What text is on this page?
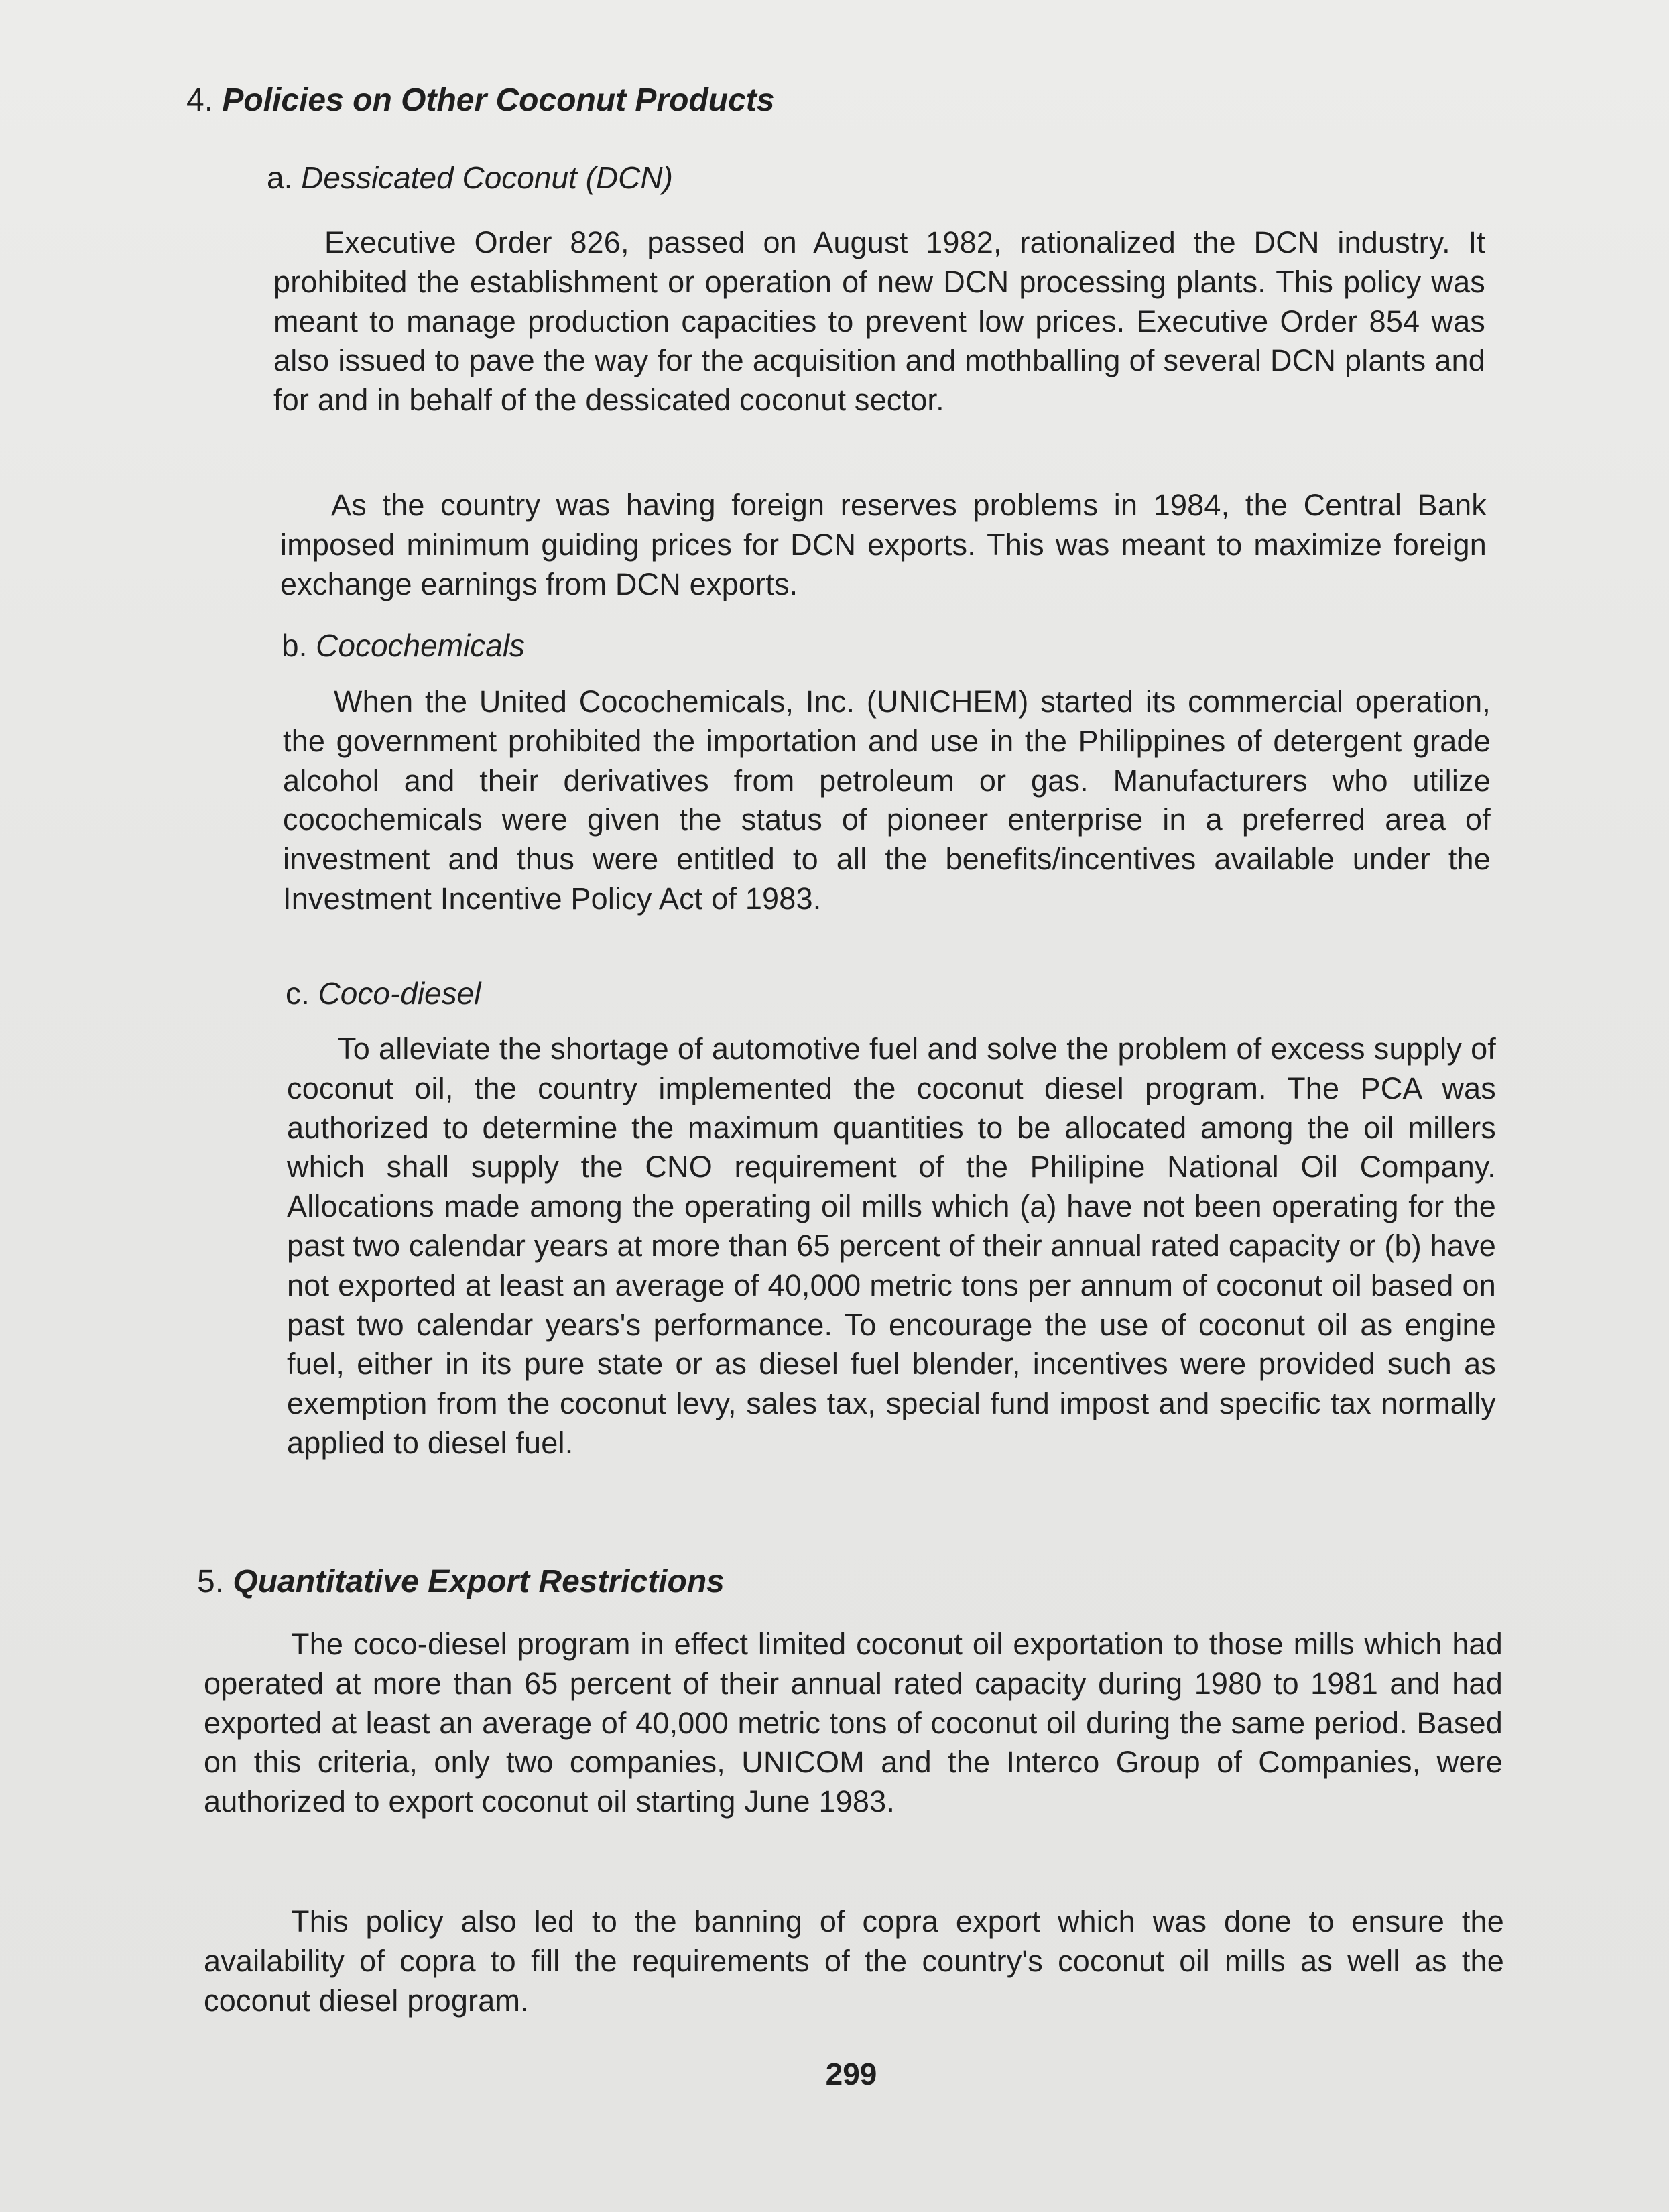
4. Policies on Other Coconut Products
a. Dessicated Coconut (DCN)

Executive Order 826, passed on August 1982, rationalized the DCN industry. It prohibited the establishment or operation of new DCN processing plants. This policy was meant to manage production capacities to prevent low prices. Executive Order 854 was also issued to pave the way for the acquisition and mothballing of several DCN plants and for and in behalf of the dessicated coconut sector.

As the country was having foreign reserves problems in 1984, the Central Bank imposed minimum guiding prices for DCN exports. This was meant to maximize foreign exchange earnings from DCN exports.

b. Cocochemicals

When the United Cocochemicals, Inc. (UNICHEM) started its commercial operation, the government prohibited the importation and use in the Philippines of detergent grade alcohol and their derivatives from petroleum or gas. Manufacturers who utilize cocochemicals were given the status of pioneer enterprise in a preferred area of investment and thus were entitled to all the benefits/incentives available under the Investment Incentive Policy Act of 1983.

c. Coco-diesel

To alleviate the shortage of automotive fuel and solve the problem of excess supply of coconut oil, the country implemented the coconut diesel program. The PCA was authorized to determine the maximum quantities to be allocated among the oil millers which shall supply the CNO requirement of the Philipine National Oil Company. Allocations made among the operating oil mills which (a) have not been operating for the past two calendar years at more than 65 percent of their annual rated capacity or (b) have not exported at least an average of 40,000 metric tons per annum of coconut oil based on past two calendar years's performance. To encourage the use of coconut oil as engine fuel, either in its pure state or as diesel fuel blender, incentives were provided such as exemption from the coconut levy, sales tax, special fund impost and specific tax normally applied to diesel fuel.

5. Quantitative Export Restrictions

The coco-diesel program in effect limited coconut oil exportation to those mills which had operated at more than 65 percent of their annual rated capacity during 1980 to 1981 and had exported at least an average of 40,000 metric tons of coconut oil during the same period. Based on this criteria, only two companies, UNICOM and the Interco Group of Companies, were authorized to export coconut oil starting June 1983.

This policy also led to the banning of copra export which was done to ensure the availability of copra to fill the requirements of the country's coconut oil mills as well as the coconut diesel program.

299
